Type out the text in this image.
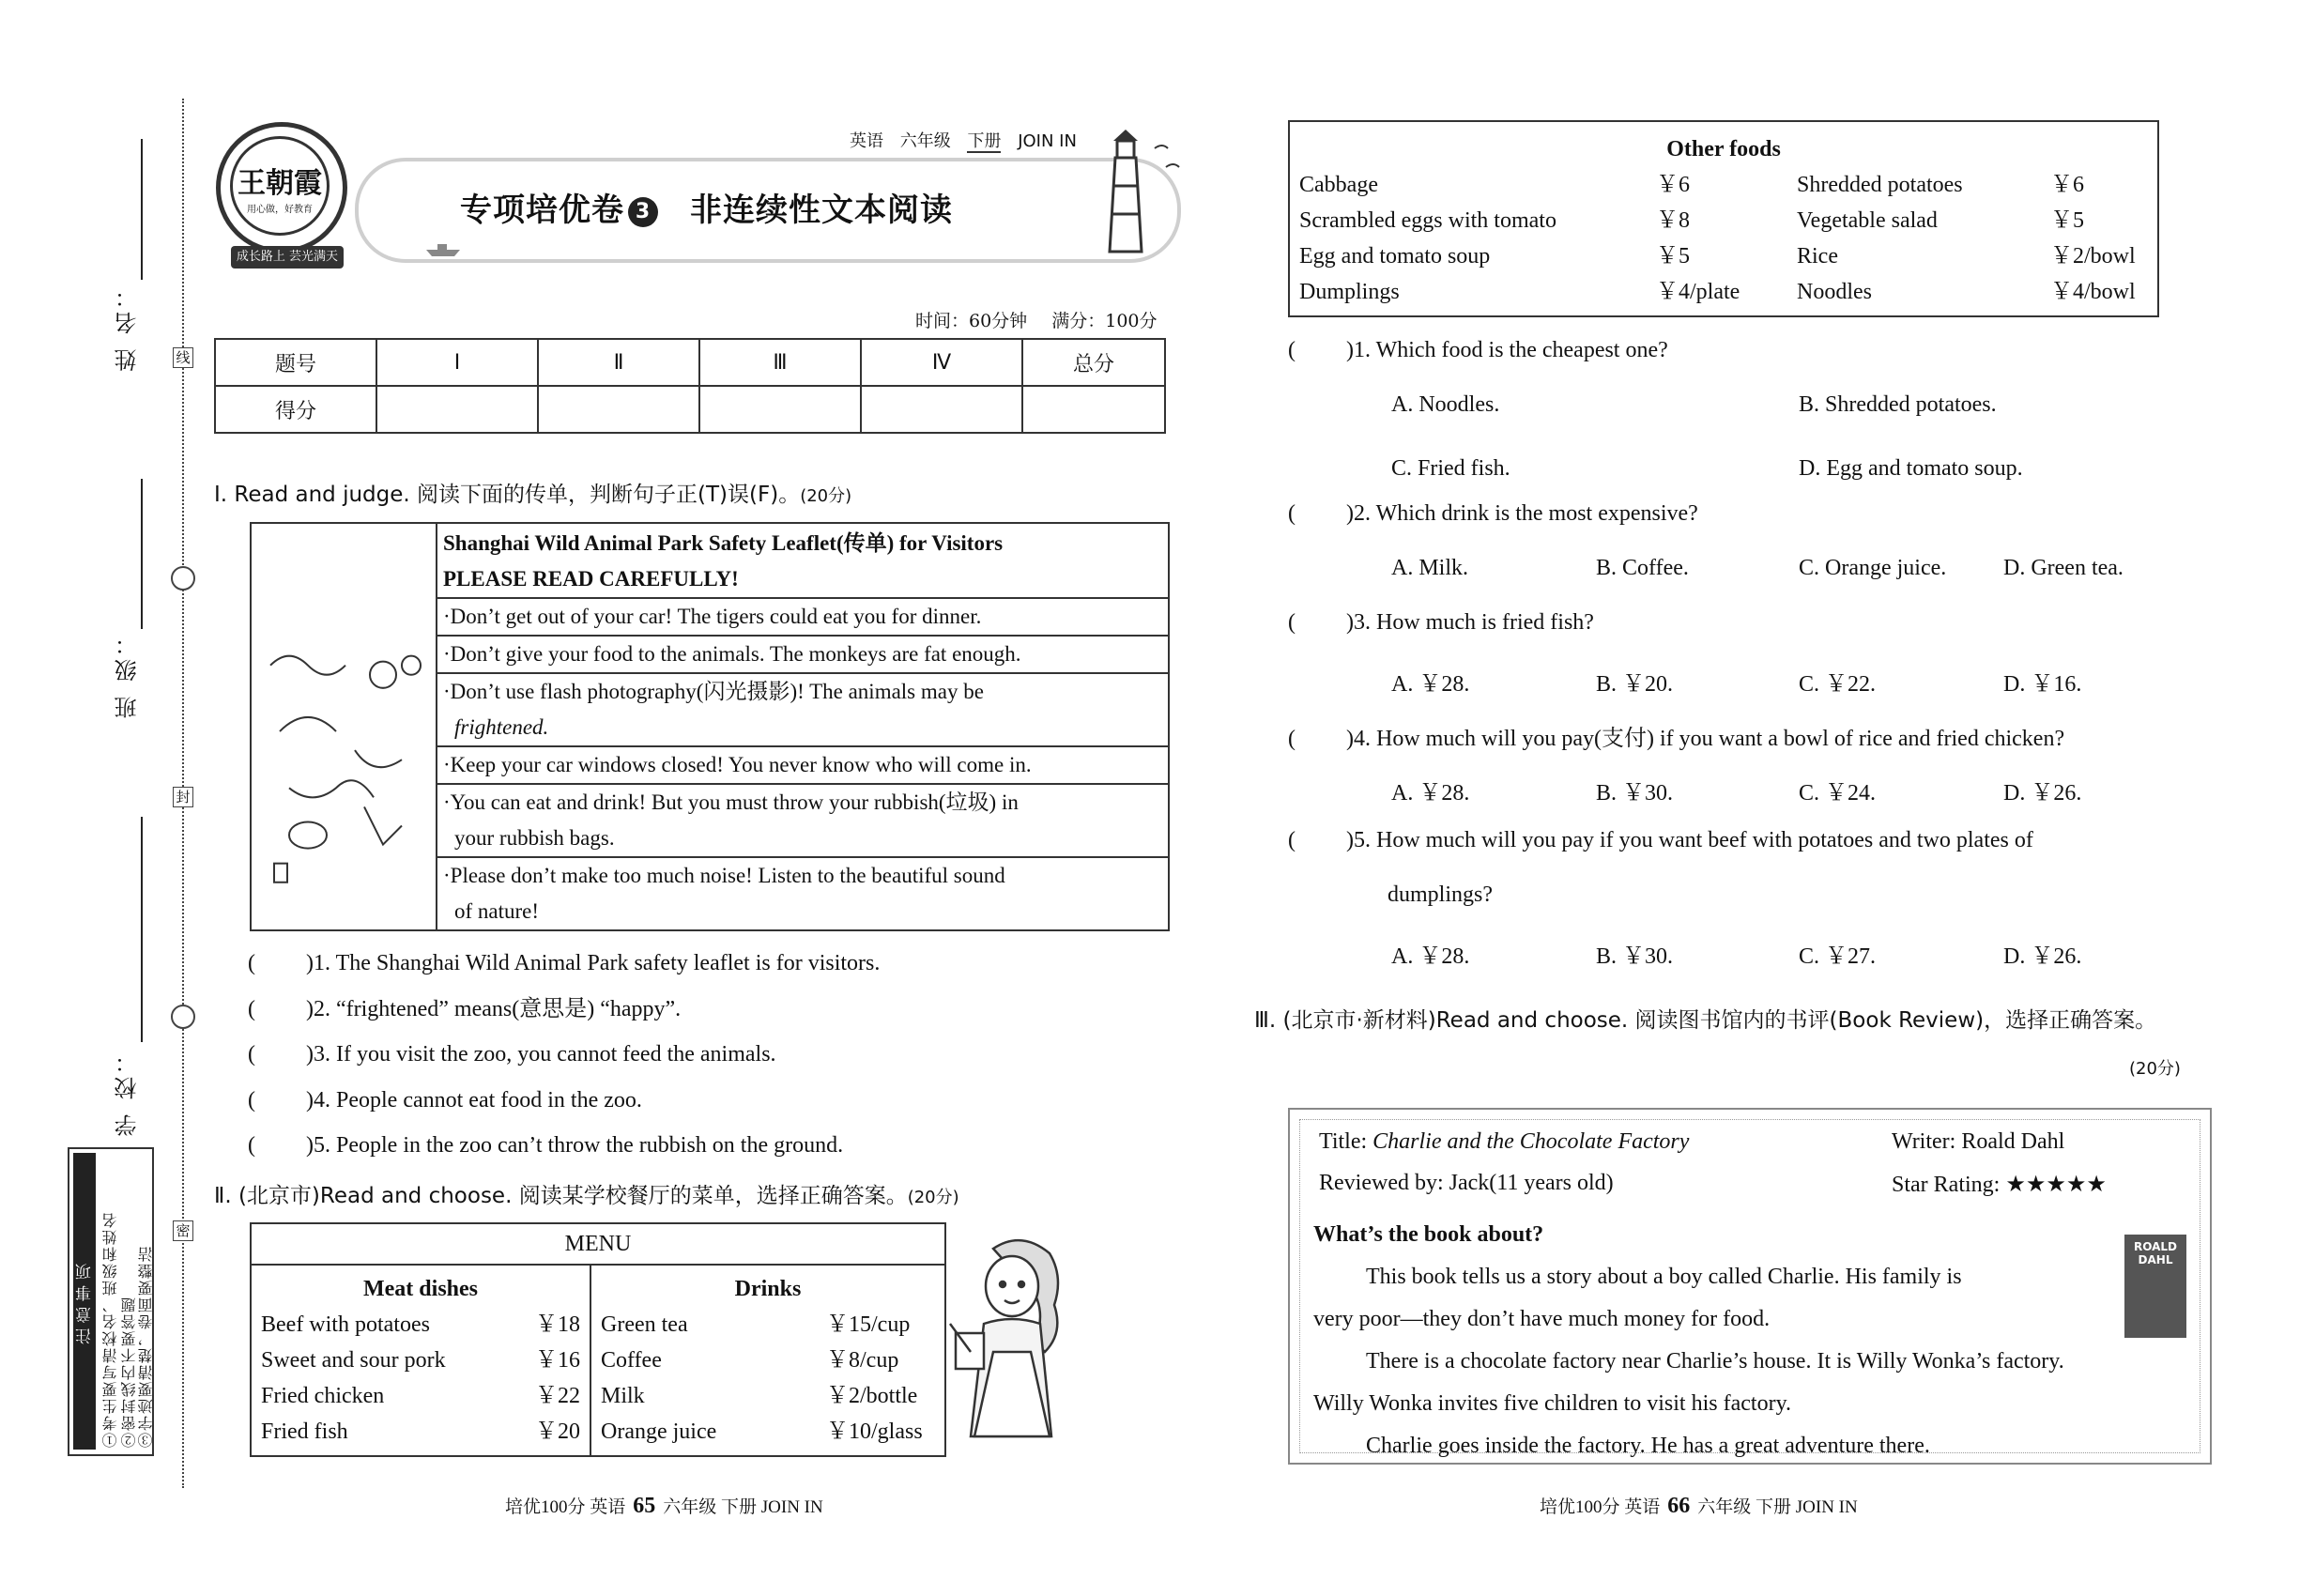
姓 名：
班 级：
学 校：
线
封
密
注意事项 ①考生要写清校名、班级和姓名 ②密封线内不要答题 ③字迹要清楚，卷面要整洁
王朝霞
用心做，好教育
成长路上 芸光满天
英语 六年级 下册 JOIN IN
专项培优卷 3 非连续性文本阅读
时间：60分钟 满分：100分
题号	Ⅰ	Ⅱ	Ⅲ	Ⅳ	总分
得分					
Ⅰ. Read and judge. 阅读下面的传单，判断句子正(T)误(F)。(20分)
Shanghai Wild Animal Park Safety Leaflet(传单) for Visitors
PLEASE READ CAREFULLY!
·Don’t get out of your car! The tigers could eat you for dinner.
·Don’t give your food to the animals. The monkeys are fat enough.
·Don’t use flash photography(闪光摄影)! The animals may be
frightened.
·Keep your car windows closed! You never know who will come in.
·You can eat and drink! But you must throw your rubbish(垃圾) in
your rubbish bags.
·Please don’t make too much noise! Listen to the beautiful sound
of nature!
( ) 1. The Shanghai Wild Animal Park safety leaflet is for visitors.
( ) 2. “frightened” means(意思是) “happy”.
( ) 3. If you visit the zoo, you cannot feed the animals.
( ) 4. People cannot eat food in the zoo.
( ) 5. People in the zoo can’t throw the rubbish on the ground.
Ⅱ. (北京市)Read and choose. 阅读某学校餐厅的菜单，选择正确答案。(20分)
MENU
Meat dishes
Beef with potatoes	￥18
Sweet and sour pork	￥16
Fried chicken	￥22
Fried fish	￥20
Drinks
Green tea	￥15/cup
Coffee	￥8/cup
Milk	￥2/bottle
Orange juice	￥10/glass
Other foods
Cabbage	￥6	Shredded potatoes	￥6
Scrambled eggs with tomato	￥8	Vegetable salad	￥5
Egg and tomato soup	￥5	Rice	￥2/bowl
Dumplings	￥4/plate	Noodles	￥4/bowl
( ) 1. Which food is the cheapest one?
A. Noodles.	B. Shredded potatoes.
C. Fried fish.	D. Egg and tomato soup.
( ) 2. Which drink is the most expensive?
A. Milk.	B. Coffee.	C. Orange juice.	D. Green tea.
( ) 3. How much is fried fish?
A. ￥28.	B. ￥20.	C. ￥22.	D. ￥16.
( ) 4. How much will you pay(支付) if you want a bowl of rice and fried chicken?
A. ￥28.	B. ￥30.	C. ￥24.	D. ￥26.
( ) 5. How much will you pay if you want beef with potatoes and two plates of
dumplings?
A. ￥28.	B. ￥30.	C. ￥27.	D. ￥26.
Ⅲ. (北京市·新材料)Read and choose. 阅读图书馆内的书评(Book Review)，选择正确答案。
(20分)
Title: Charlie and the Chocolate Factory	Writer: Roald Dahl
Reviewed by: Jack(11 years old)	Star Rating: ★★★★★
What’s the book about?
This book tells us a story about a boy called Charlie. His family is
very poor—they don’t have much money for food.
There is a chocolate factory near Charlie’s house. It is Willy Wonka’s factory.
Willy Wonka invites five children to visit his factory.
Charlie goes inside the factory. He has a great adventure there.
ROALD DAHL
培优100分 英语 65 六年级 下册 JOIN IN	培优100分 英语 66 六年级 下册 JOIN IN
